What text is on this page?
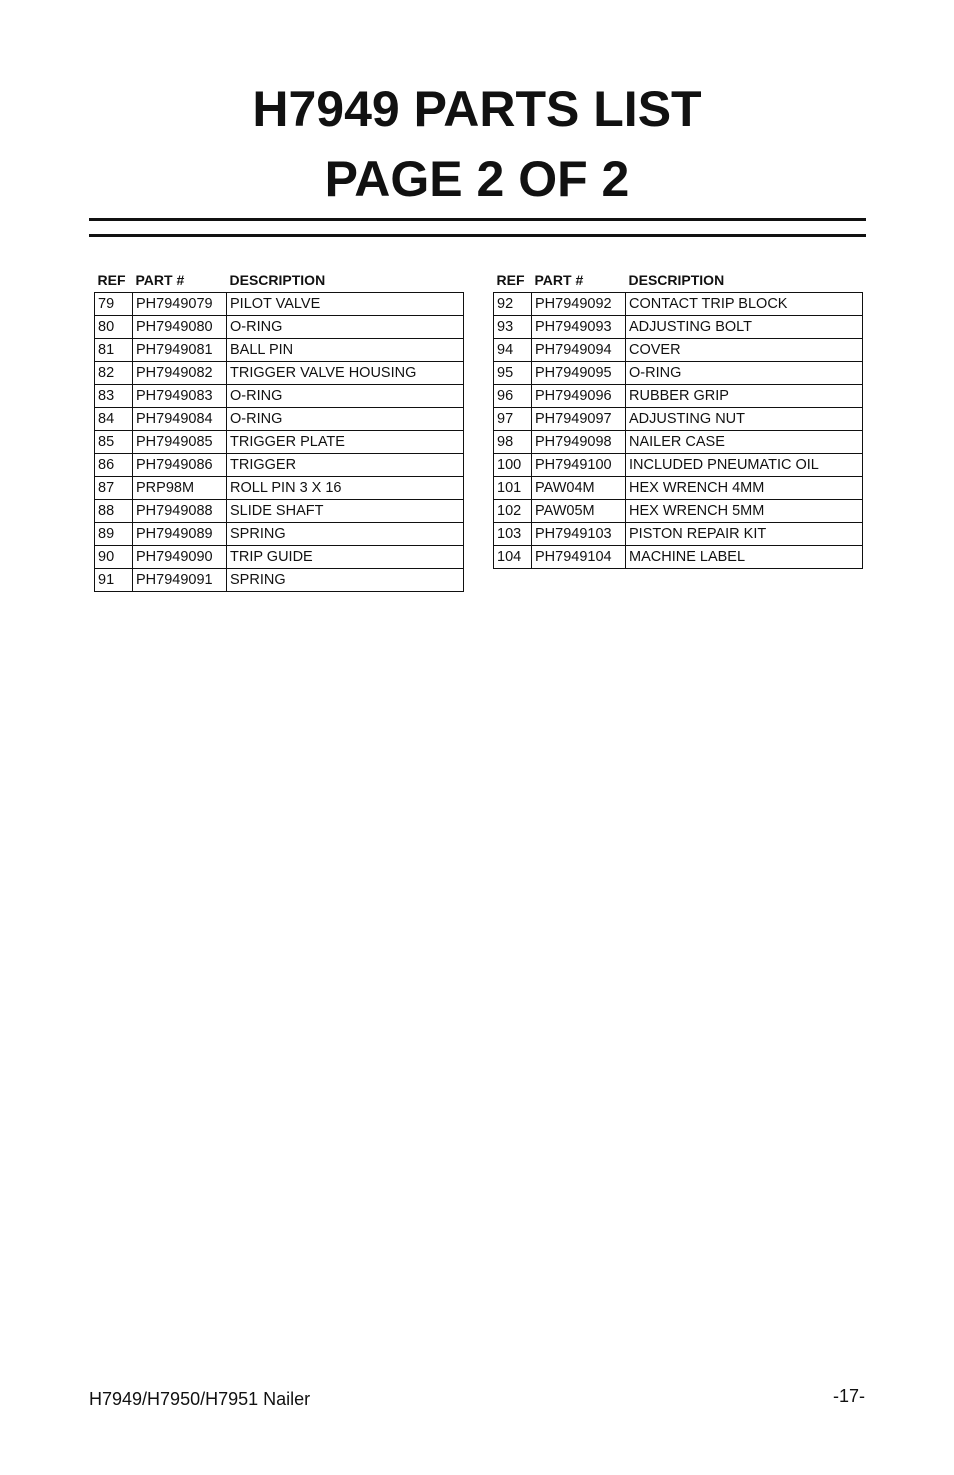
H7949 PARTS LIST

PAGE 2 OF 2

REF	PART #	DESCRIPTION
79	PH7949079	PILOT VALVE
80	PH7949080	O-RING
81	PH7949081	BALL PIN
82	PH7949082	TRIGGER VALVE HOUSING
83	PH7949083	O-RING
84	PH7949084	O-RING
85	PH7949085	TRIGGER PLATE
86	PH7949086	TRIGGER
87	PRP98M	ROLL PIN 3 X 16
88	PH7949088	SLIDE SHAFT
89	PH7949089	SPRING
90	PH7949090	TRIP GUIDE
91	PH7949091	SPRING
REF	PART #	DESCRIPTION
92	PH7949092	CONTACT TRIP BLOCK
93	PH7949093	ADJUSTING BOLT
94	PH7949094	COVER
95	PH7949095	O-RING
96	PH7949096	RUBBER GRIP
97	PH7949097	ADJUSTING NUT
98	PH7949098	NAILER CASE
100	PH7949100	INCLUDED PNEUMATIC OIL
101	PAW04M	HEX WRENCH 4MM
102	PAW05M	HEX WRENCH 5MM
103	PH7949103	PISTON REPAIR KIT
104	PH7949104	MACHINE LABEL
H7949/H7950/H7951 Nailer	-17-
